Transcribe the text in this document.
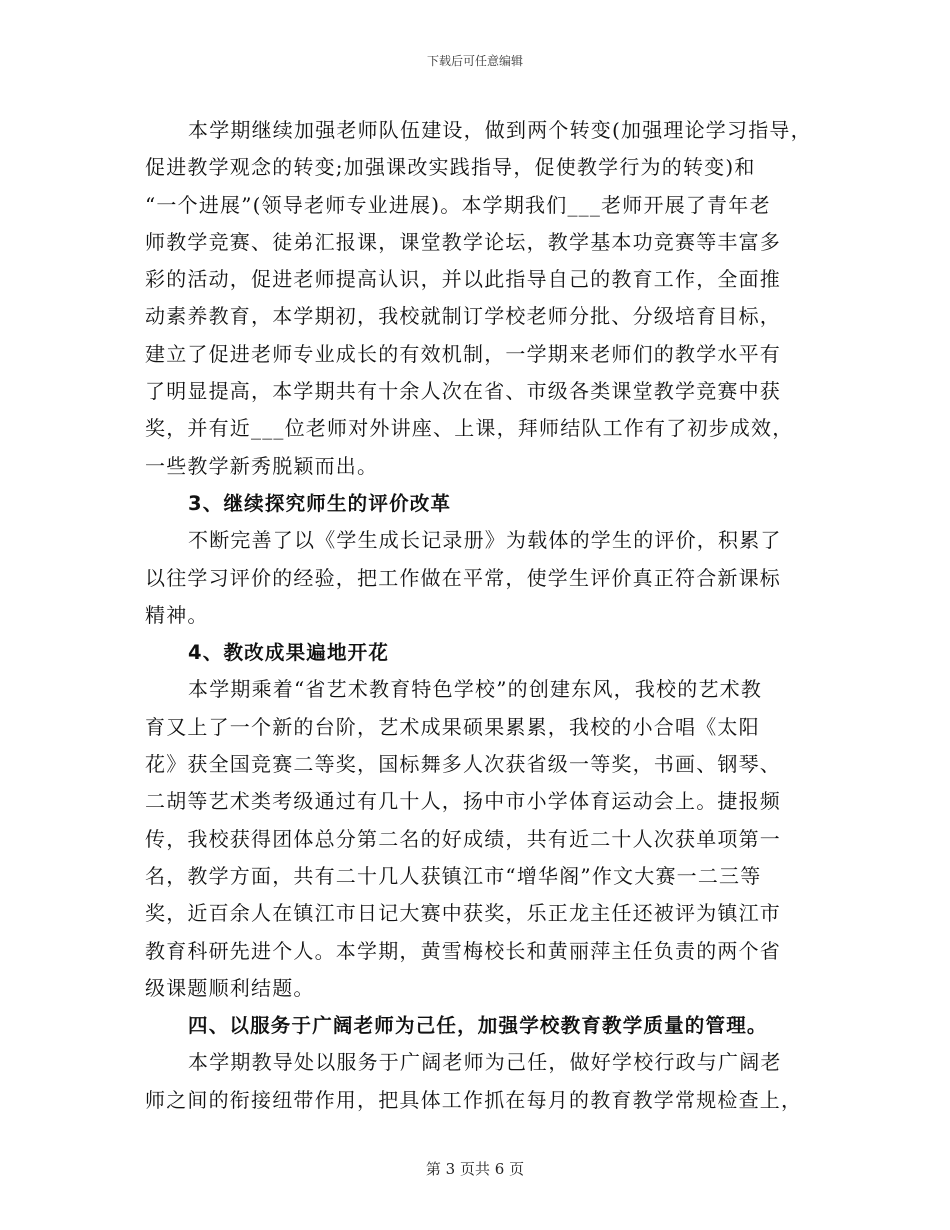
下载后可任意编辑
本学期继续加强老师队伍建设，做到两个转变(加强理论学习指导，
促进教学观念的转变;加强课改实践指导，促使教学行为的转变)和
“一个进展”(领导老师专业进展)。本学期我们___老师开展了青年老
师教学竞赛、徒弟汇报课，课堂教学论坛，教学基本功竞赛等丰富多
彩的活动，促进老师提高认识，并以此指导自己的教育工作，全面推
动素养教育，本学期初，我校就制订学校老师分批、分级培育目标，
建立了促进老师专业成长的有效机制，一学期来老师们的教学水平有
了明显提高，本学期共有十余人次在省、市级各类课堂教学竞赛中获
奖，并有近___位老师对外讲座、上课，拜师结队工作有了初步成效，
一些教学新秀脱颖而出。
3、继续探究师生的评价改革
不断完善了以《学生成长记录册》为载体的学生的评价，积累了
以往学习评价的经验，把工作做在平常，使学生评价真正符合新课标
精神。
4、教改成果遍地开花
本学期乘着“省艺术教育特色学校”的创建东风，我校的艺术教
育又上了一个新的台阶，艺术成果硕果累累，我校的小合唱《太阳
花》获全国竞赛二等奖，国标舞多人次获省级一等奖，书画、钢琴、
二胡等艺术类考级通过有几十人，扬中市小学体育运动会上。捷报频
传，我校获得团体总分第二名的好成绩，共有近二十人次获单项第一
名，教学方面，共有二十几人获镇江市“增华阁”作文大赛一二三等
奖，近百余人在镇江市日记大赛中获奖，乐正龙主任还被评为镇江市
教育科研先进个人。本学期，黄雪梅校长和黄丽萍主任负责的两个省
级课题顺利结题。
四、以服务于广阔老师为己任，加强学校教育教学质量的管理。
本学期教导处以服务于广阔老师为己任，做好学校行政与广阔老
师之间的衔接纽带作用，把具体工作抓在每月的教育教学常规检查上，
第 3 页共 6 页
